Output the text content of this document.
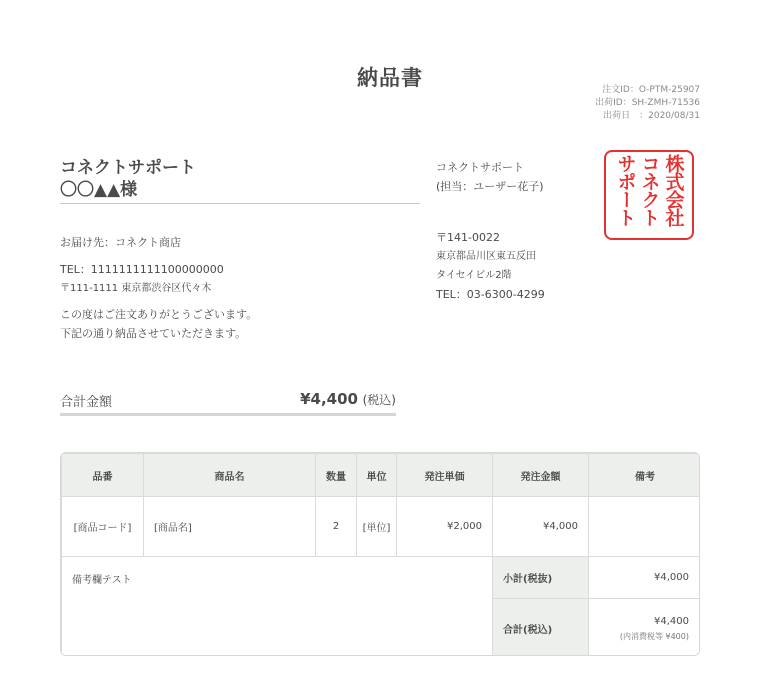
納品書	注文ID： O-PTM-25907
出荷ID： SH-ZMH-71536
出荷日　： 2020/08/31
コネクトサポート
〇〇▲▲様
お届け先：コネクト商店
TEL：1111111111100000000
〒111-1111 東京都渋谷区代々木
この度はご注文ありがとうございます。
下記の通り納品させていただきます。
コネクトサポート
(担当：ユーザー花子)
〒141-0022
東京都品川区東五反田
タイセイビル2階
TEL：03-6300-4299
株式会社
コネクト
サポート
合計金額	¥4,400 (税込)
品番	商品名	数量	単位	発注単価	発注金額	備考
[商品コード]	[商品名]	2	[単位]	¥2,000	¥4,000	
備考欄テスト					小計(税抜)	¥4,000
					合計(税込)	¥4,400
(内消費税等 ¥400)
